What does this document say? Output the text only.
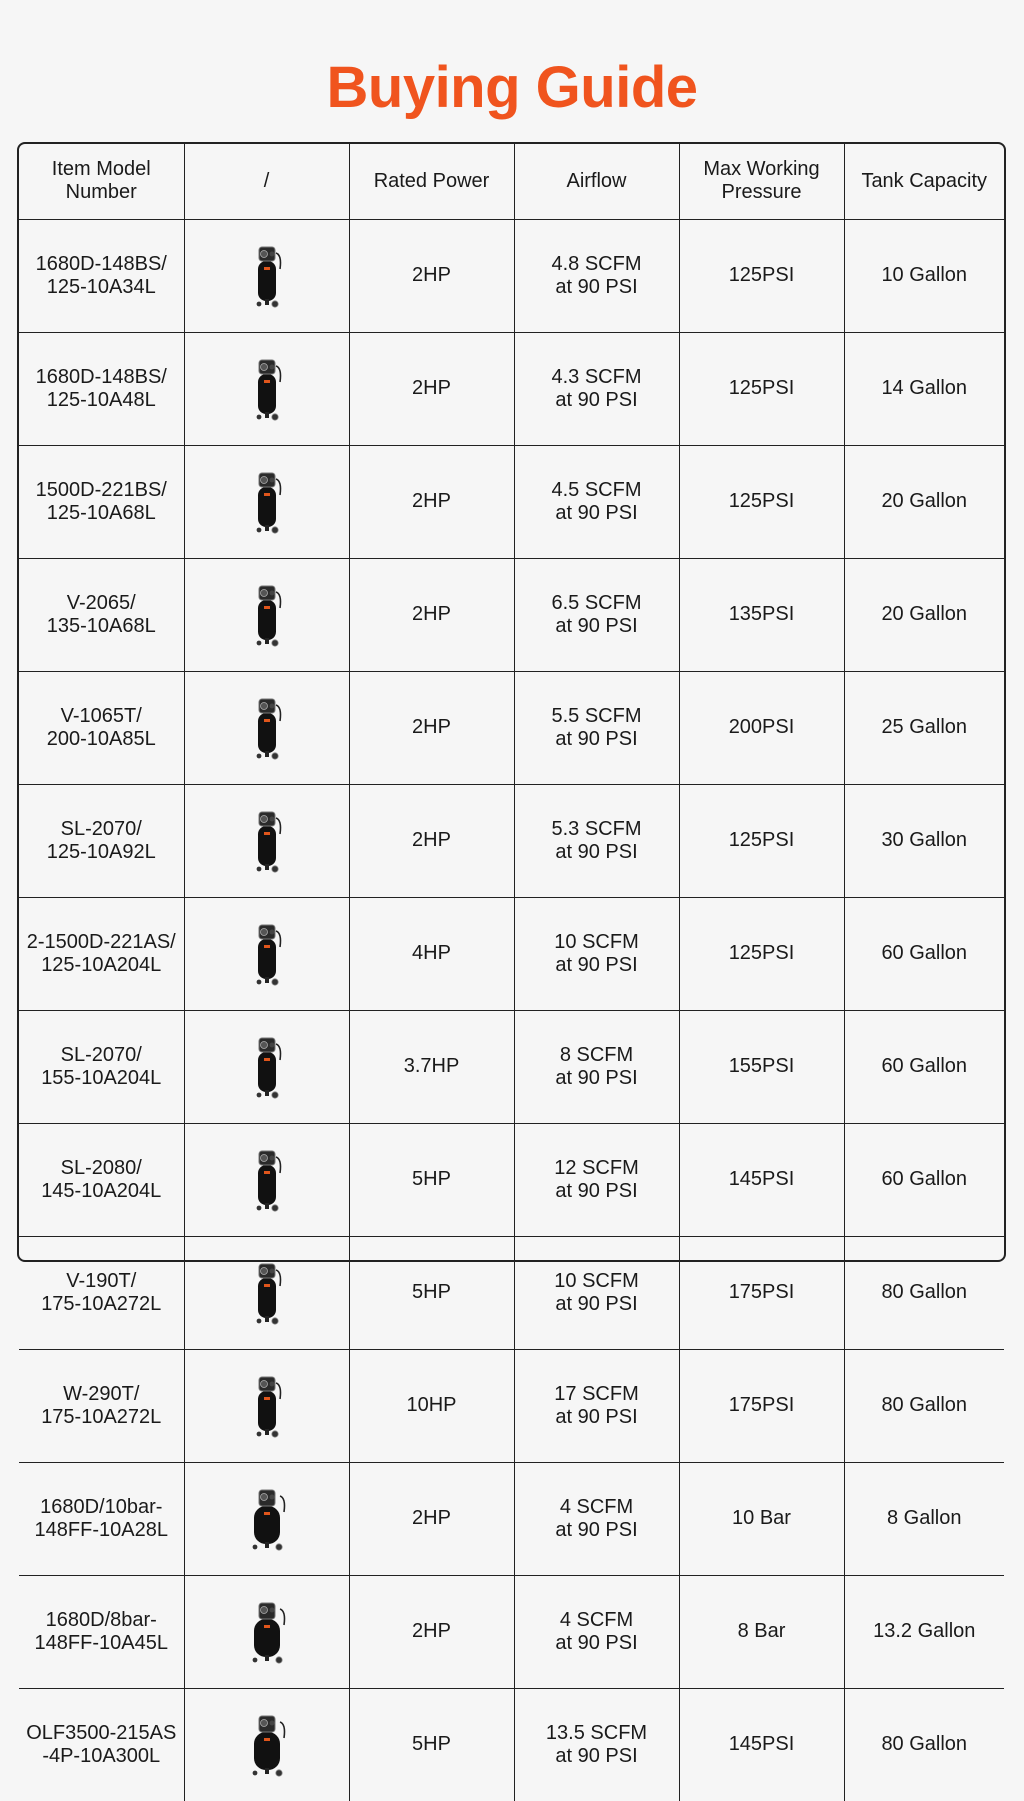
Buying Guide
Item Model
Number	/	Rated Power	Airflow	Max Working
Pressure	Tank Capacity
1680D-148BS/
125-10A34L		2HP	4.8 SCFM
at 90 PSI	125PSI	10 Gallon
1680D-148BS/
125-10A48L		2HP	4.3 SCFM
at 90 PSI	125PSI	14 Gallon
1500D-221BS/
125-10A68L		2HP	4.5 SCFM
at 90 PSI	125PSI	20 Gallon
V-2065/
135-10A68L		2HP	6.5 SCFM
at 90 PSI	135PSI	20 Gallon
V-1065T/
200-10A85L		2HP	5.5 SCFM
at 90 PSI	200PSI	25 Gallon
SL-2070/
125-10A92L		2HP	5.3 SCFM
at 90 PSI	125PSI	30 Gallon
2-1500D-221AS/
125-10A204L		4HP	10 SCFM
at 90 PSI	125PSI	60 Gallon
SL-2070/
155-10A204L		3.7HP	8 SCFM
at 90 PSI	155PSI	60 Gallon
SL-2080/
145-10A204L		5HP	12 SCFM
at 90 PSI	145PSI	60 Gallon
V-190T/
175-10A272L		5HP	10 SCFM
at 90 PSI	175PSI	80 Gallon
W-290T/
175-10A272L		10HP	17 SCFM
at 90 PSI	175PSI	80 Gallon
1680D/10bar-
148FF-10A28L		2HP	4 SCFM
at 90 PSI	10 Bar	8 Gallon
1680D/8bar-
148FF-10A45L		2HP	4 SCFM
at 90 PSI	8 Bar	13.2 Gallon
OLF3500-215AS
-4P-10A300L		5HP	13.5 SCFM
at 90 PSI	145PSI	80 Gallon
